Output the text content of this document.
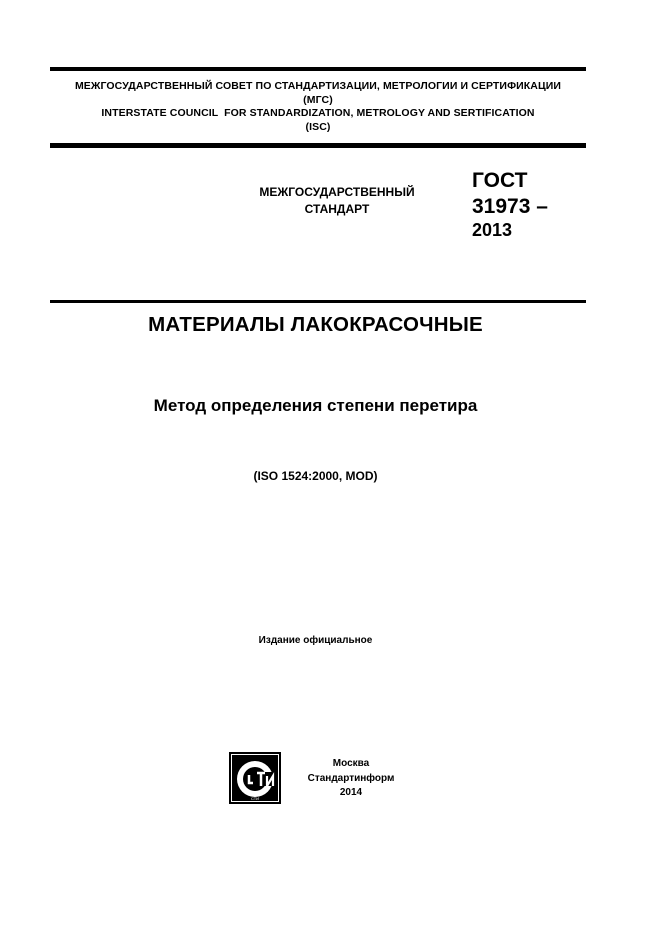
МЕЖГОСУДАРСТВЕННЫЙ СОВЕТ ПО СТАНДАРТИЗАЦИИ, МЕТРОЛОГИИ И СЕРТИФИКАЦИИ
(МГС)
INTERSTATE COUNCIL  FOR STANDARDIZATION, METROLOGY AND SERTIFICATION
(ISC)
МЕЖГОСУДАРСТВЕННЫЙ
СТАНДАРТ
ГОСТ
31973 –
2013
МАТЕРИАЛЫ ЛАКОКРАСОЧНЫЕ
Метод определения степени перетира
(ISO 1524:2000, MOD)
Издание официальное
СТИ
Москва
Стандартинформ
2014
